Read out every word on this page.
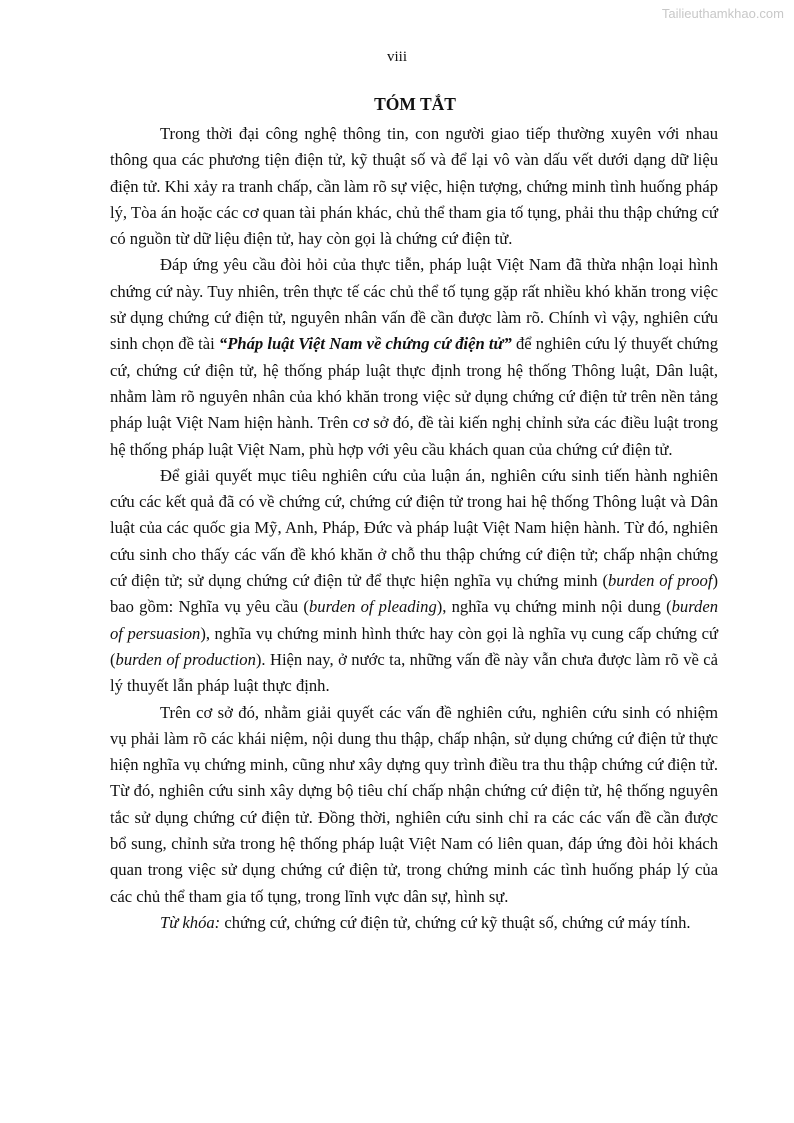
Tailieuthamkhao.com
viii
TÓM TẮT

Trong thời đại công nghệ thông tin, con người giao tiếp thường xuyên với nhau thông qua các phương tiện điện tử, kỹ thuật số và để lại vô vàn dấu vết dưới dạng dữ liệu điện tử. Khi xảy ra tranh chấp, cần làm rõ sự việc, hiện tượng, chứng minh tình huống pháp lý, Tòa án hoặc các cơ quan tài phán khác, chủ thể tham gia tố tụng, phải thu thập chứng cứ có nguồn từ dữ liệu điện tử, hay còn gọi là chứng cứ điện tử.

Đáp ứng yêu cầu đòi hỏi của thực tiễn, pháp luật Việt Nam đã thừa nhận loại hình chứng cứ này. Tuy nhiên, trên thực tế các chủ thể tố tụng gặp rất nhiều khó khăn trong việc sử dụng chứng cứ điện tử, nguyên nhân vấn đề cần được làm rõ. Chính vì vậy, nghiên cứu sinh chọn đề tài “Pháp luật Việt Nam về chứng cứ điện tử” để nghiên cứu lý thuyết chứng cứ, chứng cứ điện tử, hệ thống pháp luật thực định trong hệ thống Thông luật, Dân luật, nhằm làm rõ nguyên nhân của khó khăn trong việc sử dụng chứng cứ điện tử trên nền tảng pháp luật Việt Nam hiện hành. Trên cơ sở đó, đề tài kiến nghị chỉnh sửa các điều luật trong hệ thống pháp luật Việt Nam, phù hợp với yêu cầu khách quan của chứng cứ điện tử.

Để giải quyết mục tiêu nghiên cứu của luận án, nghiên cứu sinh tiến hành nghiên cứu các kết quả đã có về chứng cứ, chứng cứ điện tử trong hai hệ thống Thông luật và Dân luật của các quốc gia Mỹ, Anh, Pháp, Đức và pháp luật Việt Nam hiện hành. Từ đó, nghiên cứu sinh cho thấy các vấn đề khó khăn ở chỗ thu thập chứng cứ điện tử; chấp nhận chứng cứ điện tử; sử dụng chứng cứ điện tử để thực hiện nghĩa vụ chứng minh (burden of proof) bao gồm: Nghĩa vụ yêu cầu (burden of pleading), nghĩa vụ chứng minh nội dung (burden of persuasion), nghĩa vụ chứng minh hình thức hay còn gọi là nghĩa vụ cung cấp chứng cứ (burden of production). Hiện nay, ở nước ta, những vấn đề này vẫn chưa được làm rõ về cả lý thuyết lẫn pháp luật thực định.

Trên cơ sở đó, nhằm giải quyết các vấn đề nghiên cứu, nghiên cứu sinh có nhiệm vụ phải làm rõ các khái niệm, nội dung thu thập, chấp nhận, sử dụng chứng cứ điện tử thực hiện nghĩa vụ chứng minh, cũng như xây dựng quy trình điều tra thu thập chứng cứ điện tử. Từ đó, nghiên cứu sinh xây dựng bộ tiêu chí chấp nhận chứng cứ điện tử, hệ thống nguyên tắc sử dụng chứng cứ điện tử. Đồng thời, nghiên cứu sinh chỉ ra các các vấn đề cần được bổ sung, chỉnh sửa trong hệ thống pháp luật Việt Nam có liên quan, đáp ứng đòi hỏi khách quan trong việc sử dụng chứng cứ điện tử, trong chứng minh các tình huống pháp lý của các chủ thể tham gia tố tụng, trong lĩnh vực dân sự, hình sự.

Từ khóa: chứng cứ, chứng cứ điện tử, chứng cứ kỹ thuật số, chứng cứ máy tính.
